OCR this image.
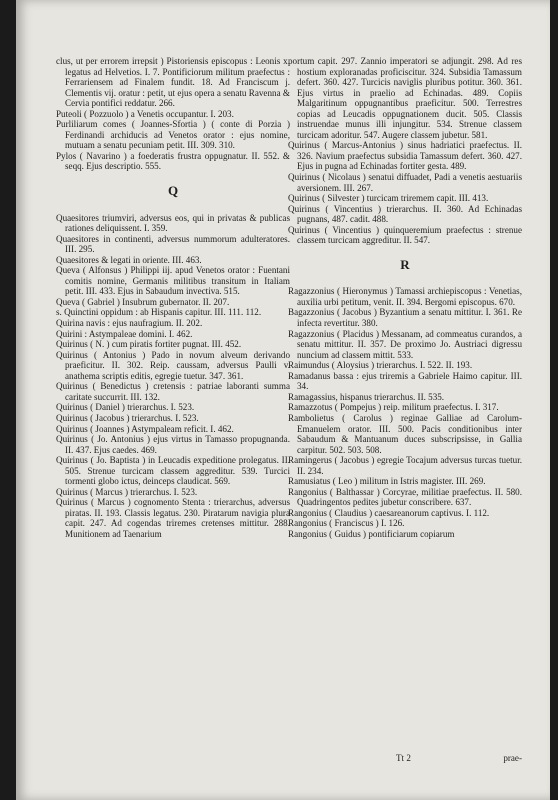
clus, ut per errorem irrepsit ) Pistoriensis episcopus : Leonis x. legatus ad Helvetios. I. 7. Pontificiorum militum praefectus : Ferrariensem ad Finalem fundit. 18. Ad Franciscum j. Clementis vij. oratur : petit, ut ejus opera a senatu Ravenna & Cervia pontifici reddatur. 266.

Puteoli ( Pozzuolo ) a Venetis occupantur. I. 203.

Purliliarum comes ( Joannes-Sfortia ) ( conte di Porzia ) Ferdinandi archiducis ad Venetos orator : ejus nomine, mutuam a senatu pecuniam petit. III. 309. 310.

Pylos ( Navarino ) a foederatis frustra oppugnatur. II. 552. & seqq. Ejus descriptio. 555.

Q

Quaesitores triumviri, adversus eos, qui in privatas & publicas rationes deliquissent. I. 359.

Quaesitores in continenti, adversus nummorum adulteratores. III. 295.

Quaesitores & legati in oriente. III. 463.

Queva ( Alfonsus ) Philippi iij. apud Venetos orator : Fuentani comitis nomine, Germanis militibus transitum in Italiam petit. III. 433. Ejus in Sabaudum invectiva. 515.

Queva ( Gabriel ) Insubrum gubernator. II. 207.

s. Quinctini oppidum : ab Hispanis capitur. III. 111. 112.

Quirina navis : ejus naufragium. II. 202.

Quirini : Astympaleae domini. I. 462.

Quirinus ( N. ) cum piratis fortiter pugnat. III. 452.

Quirinus ( Antonius ) Pado in novum alveum derivando praeficitur. II. 302. Reip. caussam, adversus Paulli v. anathema scriptis editis, egregie tuetur. 347. 361.

Quirinus ( Benedictus ) cretensis : patriae laboranti summa caritate succurrit. III. 132.

Quirinus ( Daniel ) trierarchus. I. 523.

Quirinus ( Jacobus ) trierarchus. I. 523.

Quirinus ( Joannes ) Astympaleam reficit. I. 462.

Quirinus ( Jo. Antonius ) ejus virtus in Tamasso propugnanda. II. 437. Ejus caedes. 469.

Quirinus ( Jo. Baptista ) in Leucadis expeditione prolegatus. II. 505. Strenue turcicam classem aggreditur. 539. Turcici tormenti globo ictus, deinceps claudicat. 569.

Quirinus ( Marcus ) trierarchus. I. 523.

Quirinus ( Marcus ) cognomento Stenta : trierarchus, adversus piratas. II. 193. Classis legatus. 230. Piratarum navigia plura capit. 247. Ad cogendas triremes cretenses mittitur. 288. Munitionem ad Taenarium

portum capit. 297. Zannio imperatori se adjungit. 298. Ad res hostium exploranadas proficiscitur. 324. Subsidia Tamassum defert. 360. 427. Turcicis naviglis pluribus potitur. 360. 361. Ejus virtus in praelio ad Echinadas. 489. Copiis Malgaritinum oppugnantibus praeficitur. 500. Terrestres copias ad Leucadis oppugnationem ducit. 505. Classis instruendae munus illi injungitur. 534. Strenue classem turcicam adoritur. 547. Augere classem jubetur. 581.

Quirinus ( Marcus-Antonius ) sinus hadriatici praefectus. II. 326. Navium praefectus subsidia Tamassum defert. 360. 427. Ejus in pugna ad Echinadas fortiter gesta. 489.

Quirinus ( Nicolaus ) senatui diffuadet, Padi a venetis aestuariis aversionem. III. 267.

Quirinus ( Silvester ) turcicam triremem capit. III. 413.

Quirinus ( Vincentius ) trierarchus. II. 360. Ad Echinadas pugnans, 487. cadit. 488.

Quirinus ( Vincentius ) quinqueremium praefectus : strenue classem turcicam aggreditur. II. 547.

R

Ragazzonius ( Hieronymus ) Tamassi archiepiscopus : Venetias, auxilia urbi petitum, venit. II. 394. Bergomi episcopus. 670.

Bagazzonius ( Jacobus ) Byzantium a senatu mittitur. I. 361. Re infecta revertitur. 380.

Ragazzonius ( Placidus ) Messanam, ad commeatus curandos, a senatu mittitur. II. 357. De proximo Jo. Austriaci digressu nuncium ad classem mittit. 533.

Raimundus ( Aloysius ) trierarchus. I. 522. II. 193.

Ramadanus bassa : ejus triremis a Gabriele Haimo capitur. III. 34.

Ramagassius, hispanus trierarchus. II. 535.

Ramazzotus ( Pompejus ) reip. militum praefectus. I. 317.

Rambolietus ( Carolus ) reginae Galliae ad Carolum-Emanuelem orator. III. 500. Pacis conditionibus inter Sabaudum & Mantuanum duces subscripsisse, in Gallia carpitur. 502. 503. 508.

Ramingerus ( Jacobus ) egregie Tocajum adversus turcas tuetur. II. 234.

Ramusiatus ( Leo ) militum in Istris magister. III. 269.

Rangonius ( Balthassar ) Corcyrae, militiae praefectus. II. 580. Quadringentos pedites jubetur conscribere. 637.

Rangonius ( Claudius ) caesareanorum captivus. I. 112.

Rangonius ( Franciscus ) I. 126.

Rangonius ( Guidus ) pontificiarum copiarum

Tt 2	prae-
